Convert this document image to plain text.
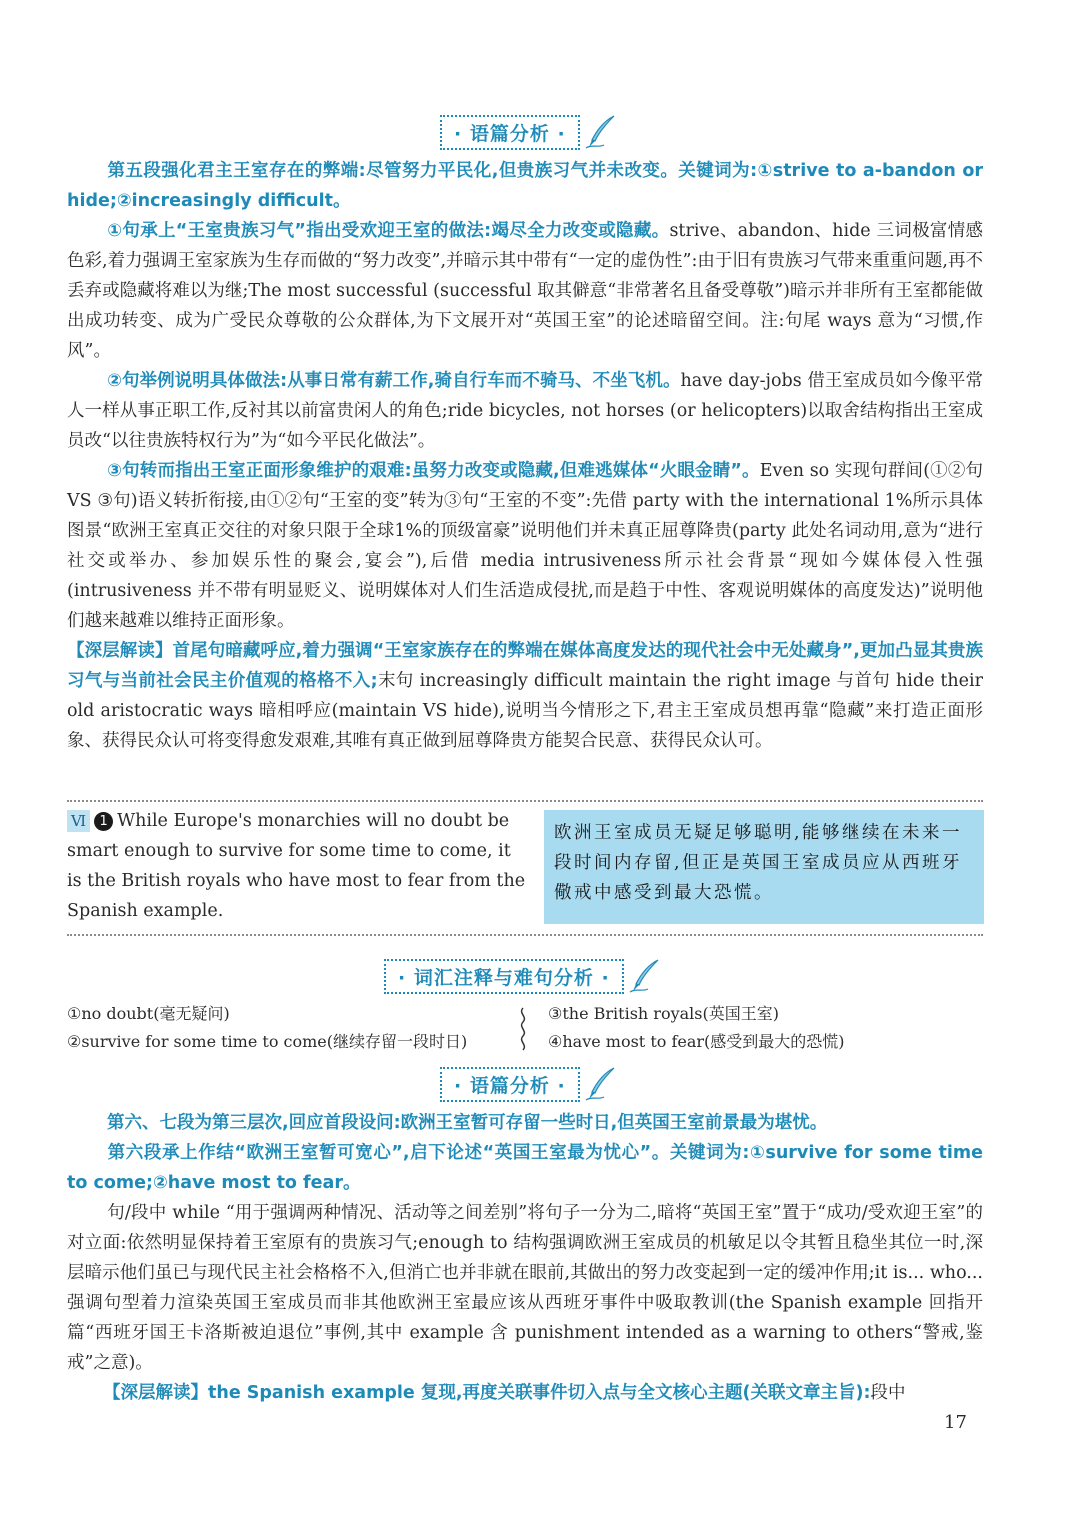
· 语篇分析 ·
第五段强化君主王室存在的弊端:尽管努力平民化,但贵族习气并未改变。关键词为:①strive to a-bandon or hide;②increasingly difficult。
①句承上“王室贵族习气”指出受欢迎王室的做法:竭尽全力改变或隐藏。strive、abandon、hide 三词极富情感色彩,着力强调王室家族为生存而做的“努力改变”,并暗示其中带有“一定的虚伪性”:由于旧有贵族习气带来重重问题,再不丢弃或隐藏将难以为继;The most successful (successful 取其僻意“非常著名且备受尊敬”)暗示并非所有王室都能做出成功转变、成为广受民众尊敬的公众群体,为下文展开对“英国王室”的论述暗留空间。注:句尾 ways 意为“习惯,作风”。
②句举例说明具体做法:从事日常有薪工作,骑自行车而不骑马、不坐飞机。have day-jobs 借王室成员如今像平常人一样从事正职工作,反衬其以前富贵闲人的角色;ride bicycles, not horses (or helicopters)以取舍结构指出王室成员改“以往贵族特权行为”为“如今平民化做法”。
③句转而指出王室正面形象维护的艰难:虽努力改变或隐藏,但难逃媒体“火眼金睛”。Even so 实现句群间(①②句 VS ③句)语义转折衔接,由①②句“王室的变”转为③句“王室的不变”:先借 party with the international 1%所示具体图景“欧洲王室真正交往的对象只限于全球1%的顶级富豪”说明他们并未真正屈尊降贵(party 此处名词动用,意为“进行社交或举办、参加娱乐性的聚会,宴会”),后借 media intrusiveness所示社会背景“现如今媒体侵入性强(intrusiveness 并不带有明显贬义、说明媒体对人们生活造成侵扰,而是趋于中性、客观说明媒体的高度发达)”说明他们越来越难以维持正面形象。
【深层解读】首尾句暗藏呼应,着力强调“王室家族存在的弊端在媒体高度发达的现代社会中无处藏身”,更加凸显其贵族习气与当前社会民主价值观的格格不入;末句 increasingly difficult maintain the right image 与首句 hide their old aristocratic ways 暗相呼应(maintain VS hide),说明当今情形之下,君主王室成员想再靠“隐藏”来打造正面形象、获得民众认可将变得愈发艰难,其唯有真正做到屈尊降贵方能契合民意、获得民众认可。
Ⅵ 1 While Europe's monarchies will no doubt be smart enough to survive for some time to come, it is the British royals who have most to fear from the Spanish example.
欧洲王室成员无疑足够聪明,能够继续在未来一段时间内存留,但正是英国王室成员应从西班牙儆戒中感受到最大恐慌。
· 词汇注释与难句分析 ·
①no doubt(毫无疑问)
②survive for some time to come(继续存留一段时日)
③the British royals(英国王室)
④have most to fear(感受到最大的恐慌)
· 语篇分析 ·
第六、七段为第三层次,回应首段设问:欧洲王室暂可存留一些时日,但英国王室前景最为堪忧。
第六段承上作结“欧洲王室暂可宽心”,启下论述“英国王室最为忧心”。关键词为:①survive for some time to come;②have most to fear。
句/段中 while “用于强调两种情况、活动等之间差别”将句子一分为二,暗将“英国王室”置于“成功/受欢迎王室”的对立面:依然明显保持着王室原有的贵族习气;enough to 结构强调欧洲王室成员的机敏足以令其暂且稳坐其位一时,深层暗示他们虽已与现代民主社会格格不入,但消亡也并非就在眼前,其做出的努力改变起到一定的缓冲作用;it is... who... 强调句型着力渲染英国王室成员而非其他欧洲王室最应该从西班牙事件中吸取教训(the Spanish example 回指开篇“西班牙国王卡洛斯被迫退位”事例,其中 example 含 punishment intended as a warning to others“警戒,鉴戒”之意)。
【深层解读】the Spanish example 复现,再度关联事件切入点与全文核心主题(关联文章主旨):段中
17
